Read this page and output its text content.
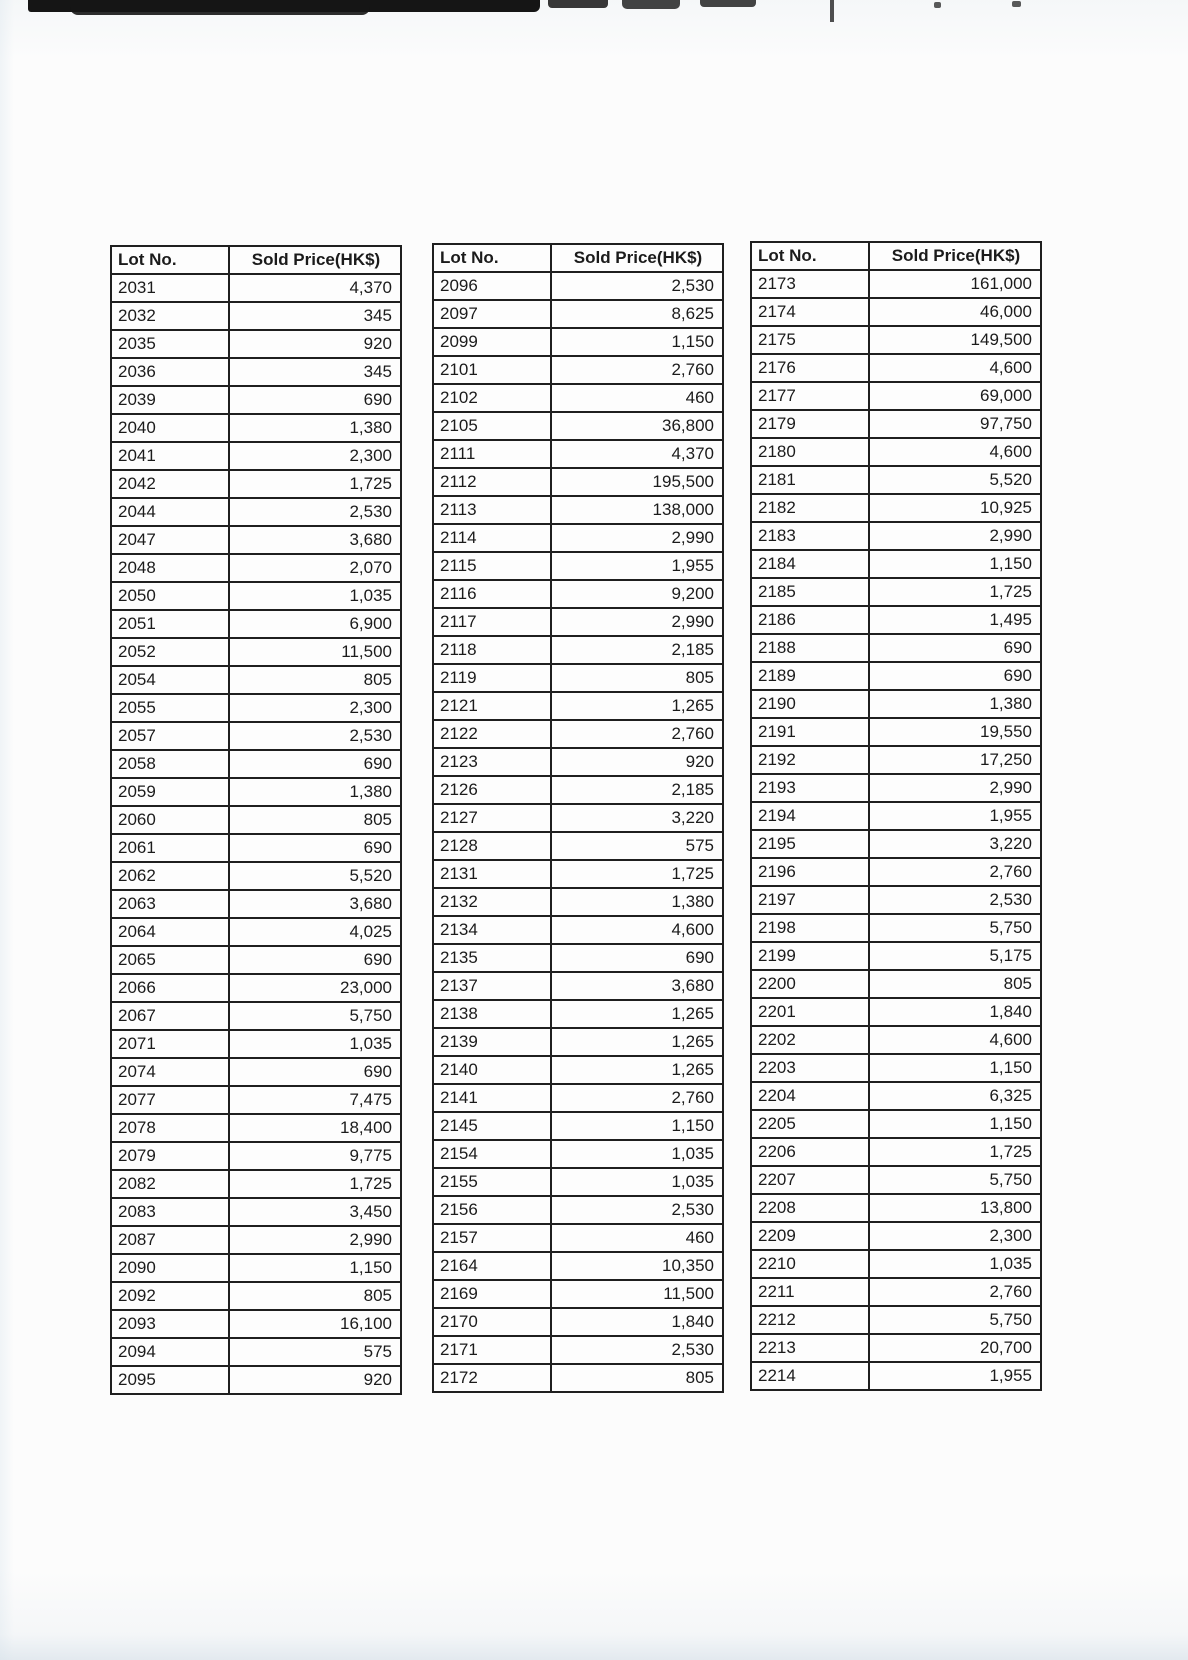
Lot No.	Sold Price(HK$)
2031	4,370
2032	345
2035	920
2036	345
2039	690
2040	1,380
2041	2,300
2042	1,725
2044	2,530
2047	3,680
2048	2,070
2050	1,035
2051	6,900
2052	11,500
2054	805
2055	2,300
2057	2,530
2058	690
2059	1,380
2060	805
2061	690
2062	5,520
2063	3,680
2064	4,025
2065	690
2066	23,000
2067	5,750
2071	1,035
2074	690
2077	7,475
2078	18,400
2079	9,775
2082	1,725
2083	3,450
2087	2,990
2090	1,150
2092	805
2093	16,100
2094	575
2095	920
Lot No.	Sold Price(HK$)
2096	2,530
2097	8,625
2099	1,150
2101	2,760
2102	460
2105	36,800
2111	4,370
2112	195,500
2113	138,000
2114	2,990
2115	1,955
2116	9,200
2117	2,990
2118	2,185
2119	805
2121	1,265
2122	2,760
2123	920
2126	2,185
2127	3,220
2128	575
2131	1,725
2132	1,380
2134	4,600
2135	690
2137	3,680
2138	1,265
2139	1,265
2140	1,265
2141	2,760
2145	1,150
2154	1,035
2155	1,035
2156	2,530
2157	460
2164	10,350
2169	11,500
2170	1,840
2171	2,530
2172	805
Lot No.	Sold Price(HK$)
2173	161,000
2174	46,000
2175	149,500
2176	4,600
2177	69,000
2179	97,750
2180	4,600
2181	5,520
2182	10,925
2183	2,990
2184	1,150
2185	1,725
2186	1,495
2188	690
2189	690
2190	1,380
2191	19,550
2192	17,250
2193	2,990
2194	1,955
2195	3,220
2196	2,760
2197	2,530
2198	5,750
2199	5,175
2200	805
2201	1,840
2202	4,600
2203	1,150
2204	6,325
2205	1,150
2206	1,725
2207	5,750
2208	13,800
2209	2,300
2210	1,035
2211	2,760
2212	5,750
2213	20,700
2214	1,955
